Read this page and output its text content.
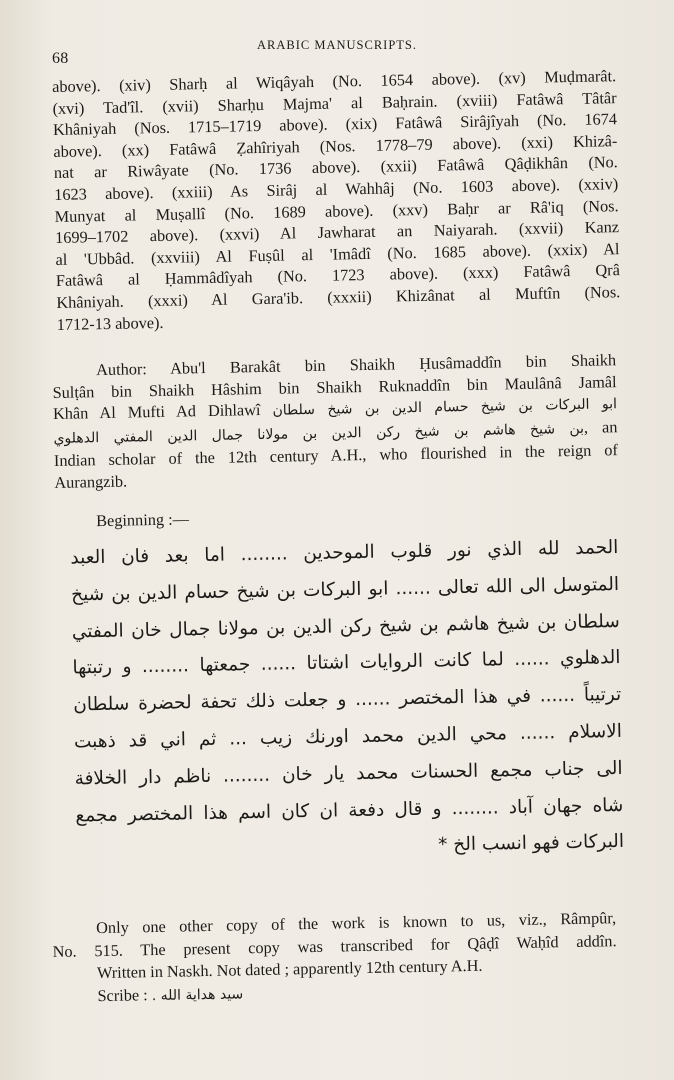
68
ARABIC MANUSCRIPTS.
above). (xiv) Sharḥ al Wiqâyah (No. 1654 above). (xv) Muḍmarât.
(xvi) Tad'îl. (xvii) Sharḥu Majma' al Baḥrain. (xviii) Fatâwâ Tâtâr
Khâniyah (Nos. 1715–1719 above). (xix) Fatâwâ Sirâjîyah (No. 1674
above). (xx) Fatâwâ Ẓahîriyah (Nos. 1778–79 above). (xxi) Khizâ-
nat ar Riwâyate (No. 1736 above). (xxii) Fatâwâ Qâḍikhân (No.
1623 above). (xxiii) As Sirâj al Wahhâj (No. 1603 above). (xxiv)
Munyat al Muṣallî (No. 1689 above). (xxv) Baḥr ar Râ'iq (Nos.
1699–1702 above). (xxvi) Al Jawharat an Naiyarah. (xxvii) Kanz
al 'Ubbâd. (xxviii) Al Fuṣûl al 'Imâdî (No. 1685 above). (xxix) Al
Fatâwâ al Ḥammâdîyah (No. 1723 above). (xxx) Fatâwâ Qrâ
Khâniyah. (xxxi) Al Gara'ib. (xxxii) Khizânat al Muftîn (Nos.
1712-13 above).
Author: Abu'l Barakât bin Shaikh Ḥusâmaddîn bin Shaikh
Sulṭân bin Shaikh Hâshim bin Shaikh Ruknaddîn bin Maulânâ Jamâl
Khân Al Mufti Ad Dihlawî ابو البركات بن شيخ حسام الدين بن شيخ سلطان
بن شيخ هاشم بن شيخ ركن الدين بن مولانا جمال الدين المفتي الدهلوي, an
Indian scholar of the 12th century A.H., who flourished in the reign of
Aurangzib.
Beginning :—
الحمد لله الذي نور قلوب الموحدين ........ اما بعد فان العبد
المتوسل الى الله تعالى ...... ابو البركات بن شيخ حسام الدين بن شيخ
سلطان بن شيخ هاشم بن شيخ ركن الدين بن مولانا جمال خان المفتي
الدهلوي ...... لما كانت الروايات اشتاتا ...... جمعتها ........ و رتبتها
ترتيباً ...... في هذا المختصر ...... و جعلت ذلك تحفة لحضرة سلطان
الاسلام ...... محي الدين محمد اورنك زيب ... ثم اني قد ذهبت
الى جناب مجمع الحسنات محمد يار خان ........ ناظم دار الخلافة
شاه جهان آباد ........ و قال دفعة ان كان اسم هذا المختصر مجمع
البركات فهو انسب الخ *
Only one other copy of the work is known to us, viz., Râmpûr,
No. 515. The present copy was transcribed for Qâḍî Waḥîd addîn.
Written in Naskh. Not dated ; apparently 12th century A.H.
Scribe : سيد هداية الله .
